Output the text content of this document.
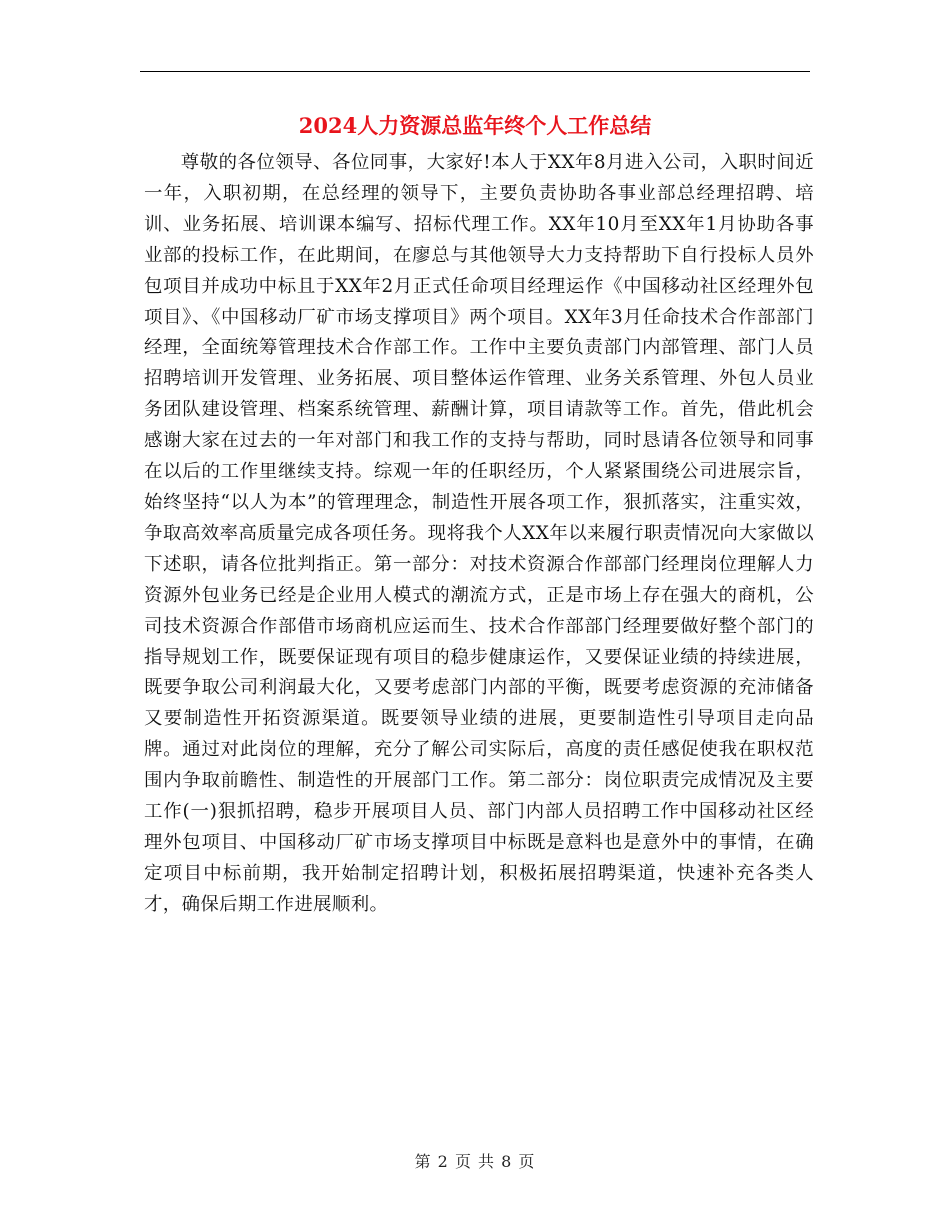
2024人力资源总监年终个人工作总结

尊敬的各位领导、各位同事，大家好!本人于XX年8月进入公司，入职时间近一年，入职初期，在总经理的领导下，主要负责协助各事业部总经理招聘、培训、业务拓展、培训课本编写、招标代理工作。XX年10月至XX年1月协助各事业部的投标工作，在此期间，在廖总与其他领导大力支持帮助下自行投标人员外包项目并成功中标且于XX年2月正式任命项目经理运作《中国移动社区经理外包项目》、《中国移动厂矿市场支撑项目》两个项目。XX年3月任命技术合作部部门经理，全面统筹管理技术合作部工作。工作中主要负责部门内部管理、部门人员招聘培训开发管理、业务拓展、项目整体运作管理、业务关系管理、外包人员业务团队建设管理、档案系统管理、薪酬计算，项目请款等工作。首先，借此机会感谢大家在过去的一年对部门和我工作的支持与帮助，同时恳请各位领导和同事在以后的工作里继续支持。综观一年的任职经历，个人紧紧围绕公司进展宗旨，始终坚持“以人为本”的管理理念，制造性开展各项工作，狠抓落实，注重实效，争取高效率高质量完成各项任务。现将我个人XX年以来履行职责情况向大家做以下述职，请各位批判指正。第一部分：对技术资源合作部部门经理岗位理解人力资源外包业务已经是企业用人模式的潮流方式，正是市场上存在强大的商机，公司技术资源合作部借市场商机应运而生、技术合作部部门经理要做好整个部门的指导规划工作，既要保证现有项目的稳步健康运作，又要保证业绩的持续进展，既要争取公司利润最大化，又要考虑部门内部的平衡，既要考虑资源的充沛储备又要制造性开拓资源渠道。既要领导业绩的进展，更要制造性引导项目走向品牌。通过对此岗位的理解，充分了解公司实际后，高度的责任感促使我在职权范围内争取前瞻性、制造性的开展部门工作。第二部分：岗位职责完成情况及主要工作(一)狠抓招聘，稳步开展项目人员、部门内部人员招聘工作中国移动社区经理外包项目、中国移动厂矿市场支撑项目中标既是意料也是意外中的事情，在确定项目中标前期，我开始制定招聘计划，积极拓展招聘渠道，快速补充各类人才，确保后期工作进展顺利。

第 2 页 共 8 页
